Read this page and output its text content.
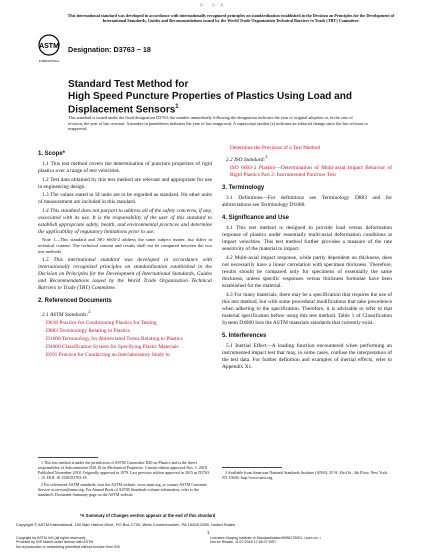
ñ ñ ñ
This international standard was developed in accordance with internationally recognized principles on standardization established in the Decision on Principles for the Development of International Standards, Guides and Recommendations issued by the World Trade Organization Technical Barriers to Trade (TBT) Committee.
ASTM
INTERNATIONAL
Designation: D3763 − 18
Standard Test Method for
High Speed Puncture Properties of Plastics Using Load and
Displacement Sensors$^1$
This standard is issued under the fixed designation D3763; the number immediately following the designation indicates the year of original adoption or, in the case of revision, the year of last revision. A number in parentheses indicates the year of last reapproval. A superscript epsilon (ε) indicates an editorial change since the last revision or reapproval.

1. Scope*

1.1 This test method covers the determination of puncture properties of rigid plastics over a range of test velocities.

1.2 Test data obtained by this test method are relevant and appropriate for use in engineering design.

1.3 The values stated in SI units are to be regarded as standard. No other units of measurement are included in this standard.

1.4 This standard does not purport to address all of the safety concerns, if any, associated with its use. It is the responsibility of the user of this standard to establish appropriate safety, health, and environmental practices and determine the applicability of regulatory limitations prior to use.

Note 1—This standard and ISO 6603-2 address the same subject matter, but differ in technical content. The technical content and results shall not be compared between the two test methods.

1.5 This international standard was developed in accordance with internationally recognized principles on standardization established in the Decision on Principles for the Development of International Standards, Guides and Recommendations issued by the World Trade Organization Technical Barriers to Trade (TBT) Committee.

2. Referenced Documents

2.1 ASTM Standards:$^2$

D618 Practice for Conditioning Plastics for Testing

D883 Terminology Relating to Plastics

D1600 Terminology for Abbreviated Terms Relating to Plastics

D4000 Classification System for Specifying Plastic Materials

E691 Practice for Conducting an Interlaboratory Study to

1 This test method is under the jurisdiction of ASTM Committee D20 on Plastics and is the direct responsibility of Subcommittee D20.10 on Mechanical Properties. Current edition approved Nov. 1, 2018. Published November 2018. Originally approved in 1979. Last previous edition approved in 2015 as D3763 – 15. DOI: 10.1520/D3763-18.

2 For referenced ASTM standards, visit the ASTM website, www.astm.org, or contact ASTM Customer Service at service@astm.org. For Annual Book of ASTM Standards volume information, refer to the standard's Document Summary page on the ASTM website.

Determine the Precision of a Test Method

2.2 ISO Standard:$^3$

ISO 6603-2 Plastics—Determination of Multi-axial Impact Behavior of Rigid Plastics Part 2: Instrumented Puncture Test

3. Terminology

3.1 Definitions—For definitions see Terminology D883 and for abbreviations see Terminology D1600.

4. Significance and Use

4.1 This test method is designed to provide load versus deformation response of plastics under essentially multi-axial deformation conditions at impact velocities. This test method further provides a measure of the rate sensitivity of the material to impact.

4.2 Multi-axial impact response, while partly dependent on thickness, does not necessarily have a linear correlation with specimen thickness. Therefore, results should be compared only for specimens of essentially the same thickness, unless specific responses versus thickness formulae have been established for the material.

4.3 For many materials, there may be a specification that requires the use of this test method, but with some procedural modifications that take precedence when adhering to the specification. Therefore, it is advisable to refer to that material specification before using this test method. Table 1 of Classification System D4000 lists the ASTM materials standards that currently exist.

5. Interferences

5.1 Inertial Effect—A loading function encountered when performing an instrumented impact test that may, in some cases, confuse the interpretation of the test data. For further definition and examples of inertial effects, refer to Appendix X1.

3 Available from American National Standards Institute (ANSI), 25 W. 43rd St., 4th Floor, New York, NY 10036, http://www.ansi.org.

*A Summary of Changes section appears at the end of this standard
Copyright © ASTM International, 100 Barr Harbor Drive, PO Box C700, West Conshohocken, PA 19428-2959. United States
1
Copyright by ASTM Int'l (all rights reserved);
Provided by IHS Markit under license with ASTM
No reproduction or networking permitted without license from IHS
Licensee=Daqing Institute of Standardization/5956175001, User=xx, r
Not for Resale, 11/27/2018 17:46:37 MST
